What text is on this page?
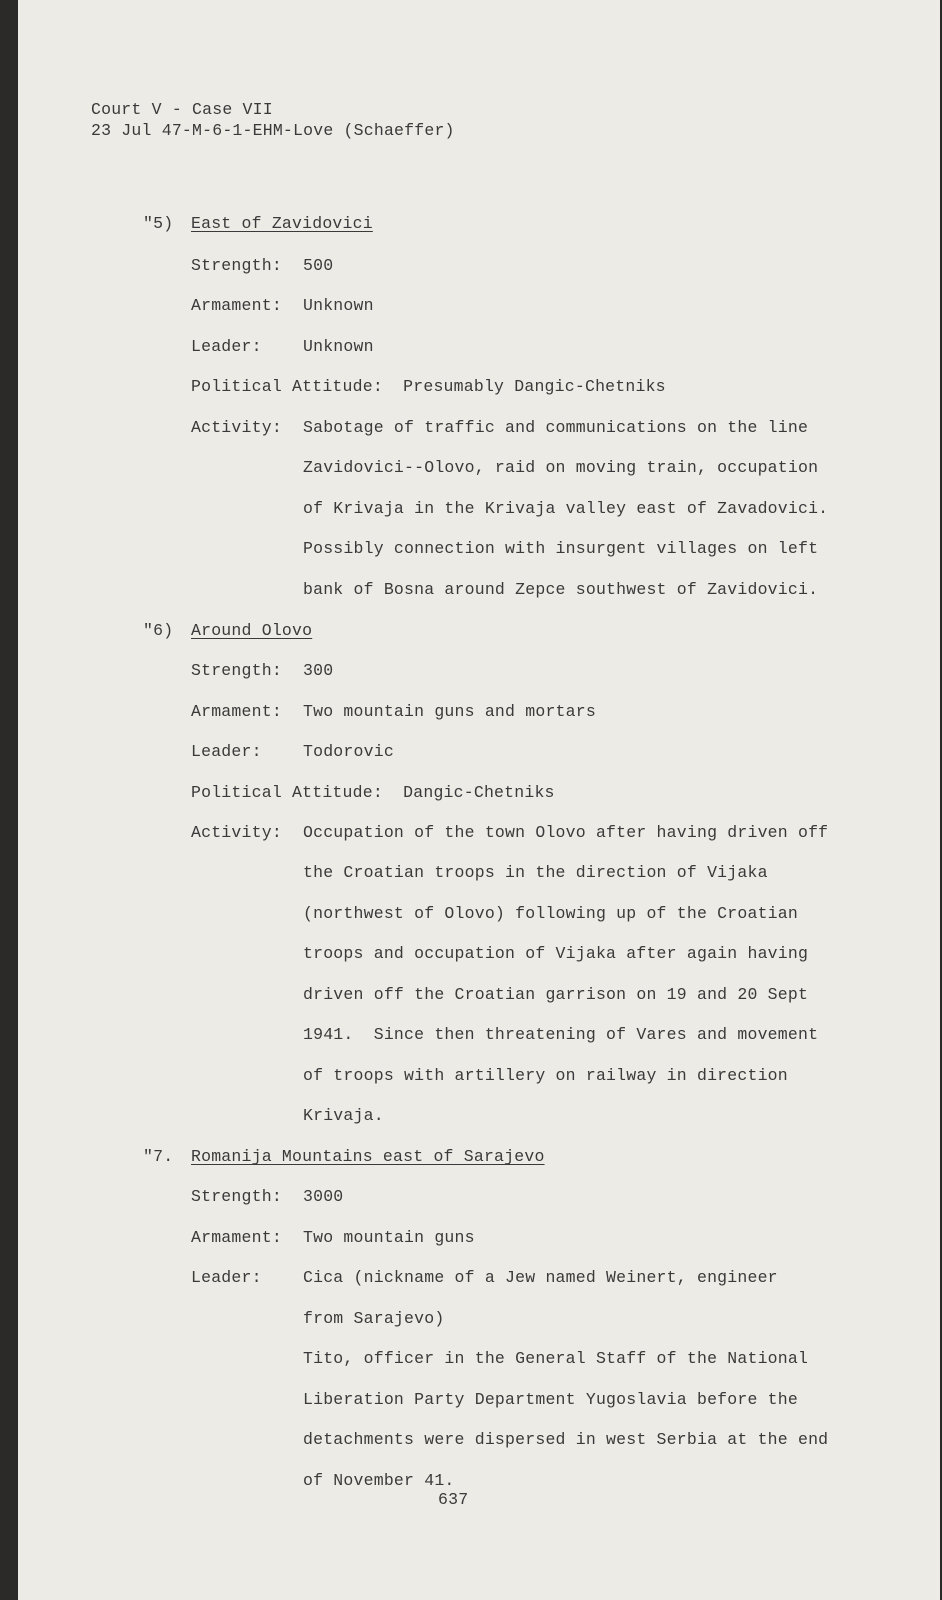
Court V - Case VII
23 Jul 47-M-6-1-EHM-Love (Schaeffer)
"5) East of Zavidovici
Strength: 500
Armament: Unknown
Leader:	Unknown
Political Attitude:  Presumably Dangic-Chetniks
Activity: Sabotage of traffic and communications on the line
Zavidovici--Olovo, raid on moving train, occupation
of Krivaja in the Krivaja valley east of Zavadovici.
Possibly connection with insurgent villages on left
bank of Bosna around Zepce southwest of Zavidovici.
"6) Around Olovo
Strength: 300
Armament: Two mountain guns and mortars
Leader:	Todorovic
Political Attitude:  Dangic-Chetniks
Activity: Occupation of the town Olovo after having driven off
the Croatian troops in the direction of Vijaka
(northwest of Olovo) following up of the Croatian
troops and occupation of Vijaka after again having
driven off the Croatian garrison on 19 and 20 Sept
1941.  Since then threatening of Vares and movement
of troops with artillery on railway in direction
Krivaja.
"7. Romanija Mountains east of Sarajevo
Strength: 3000
Armament: Two mountain guns
Leader:	Cica (nickname of a Jew named Weinert, engineer
from Sarajevo)
Tito, officer in the General Staff of the National
Liberation Party Department Yugoslavia before the
detachments were dispersed in west Serbia at the end
of November 41.
637
